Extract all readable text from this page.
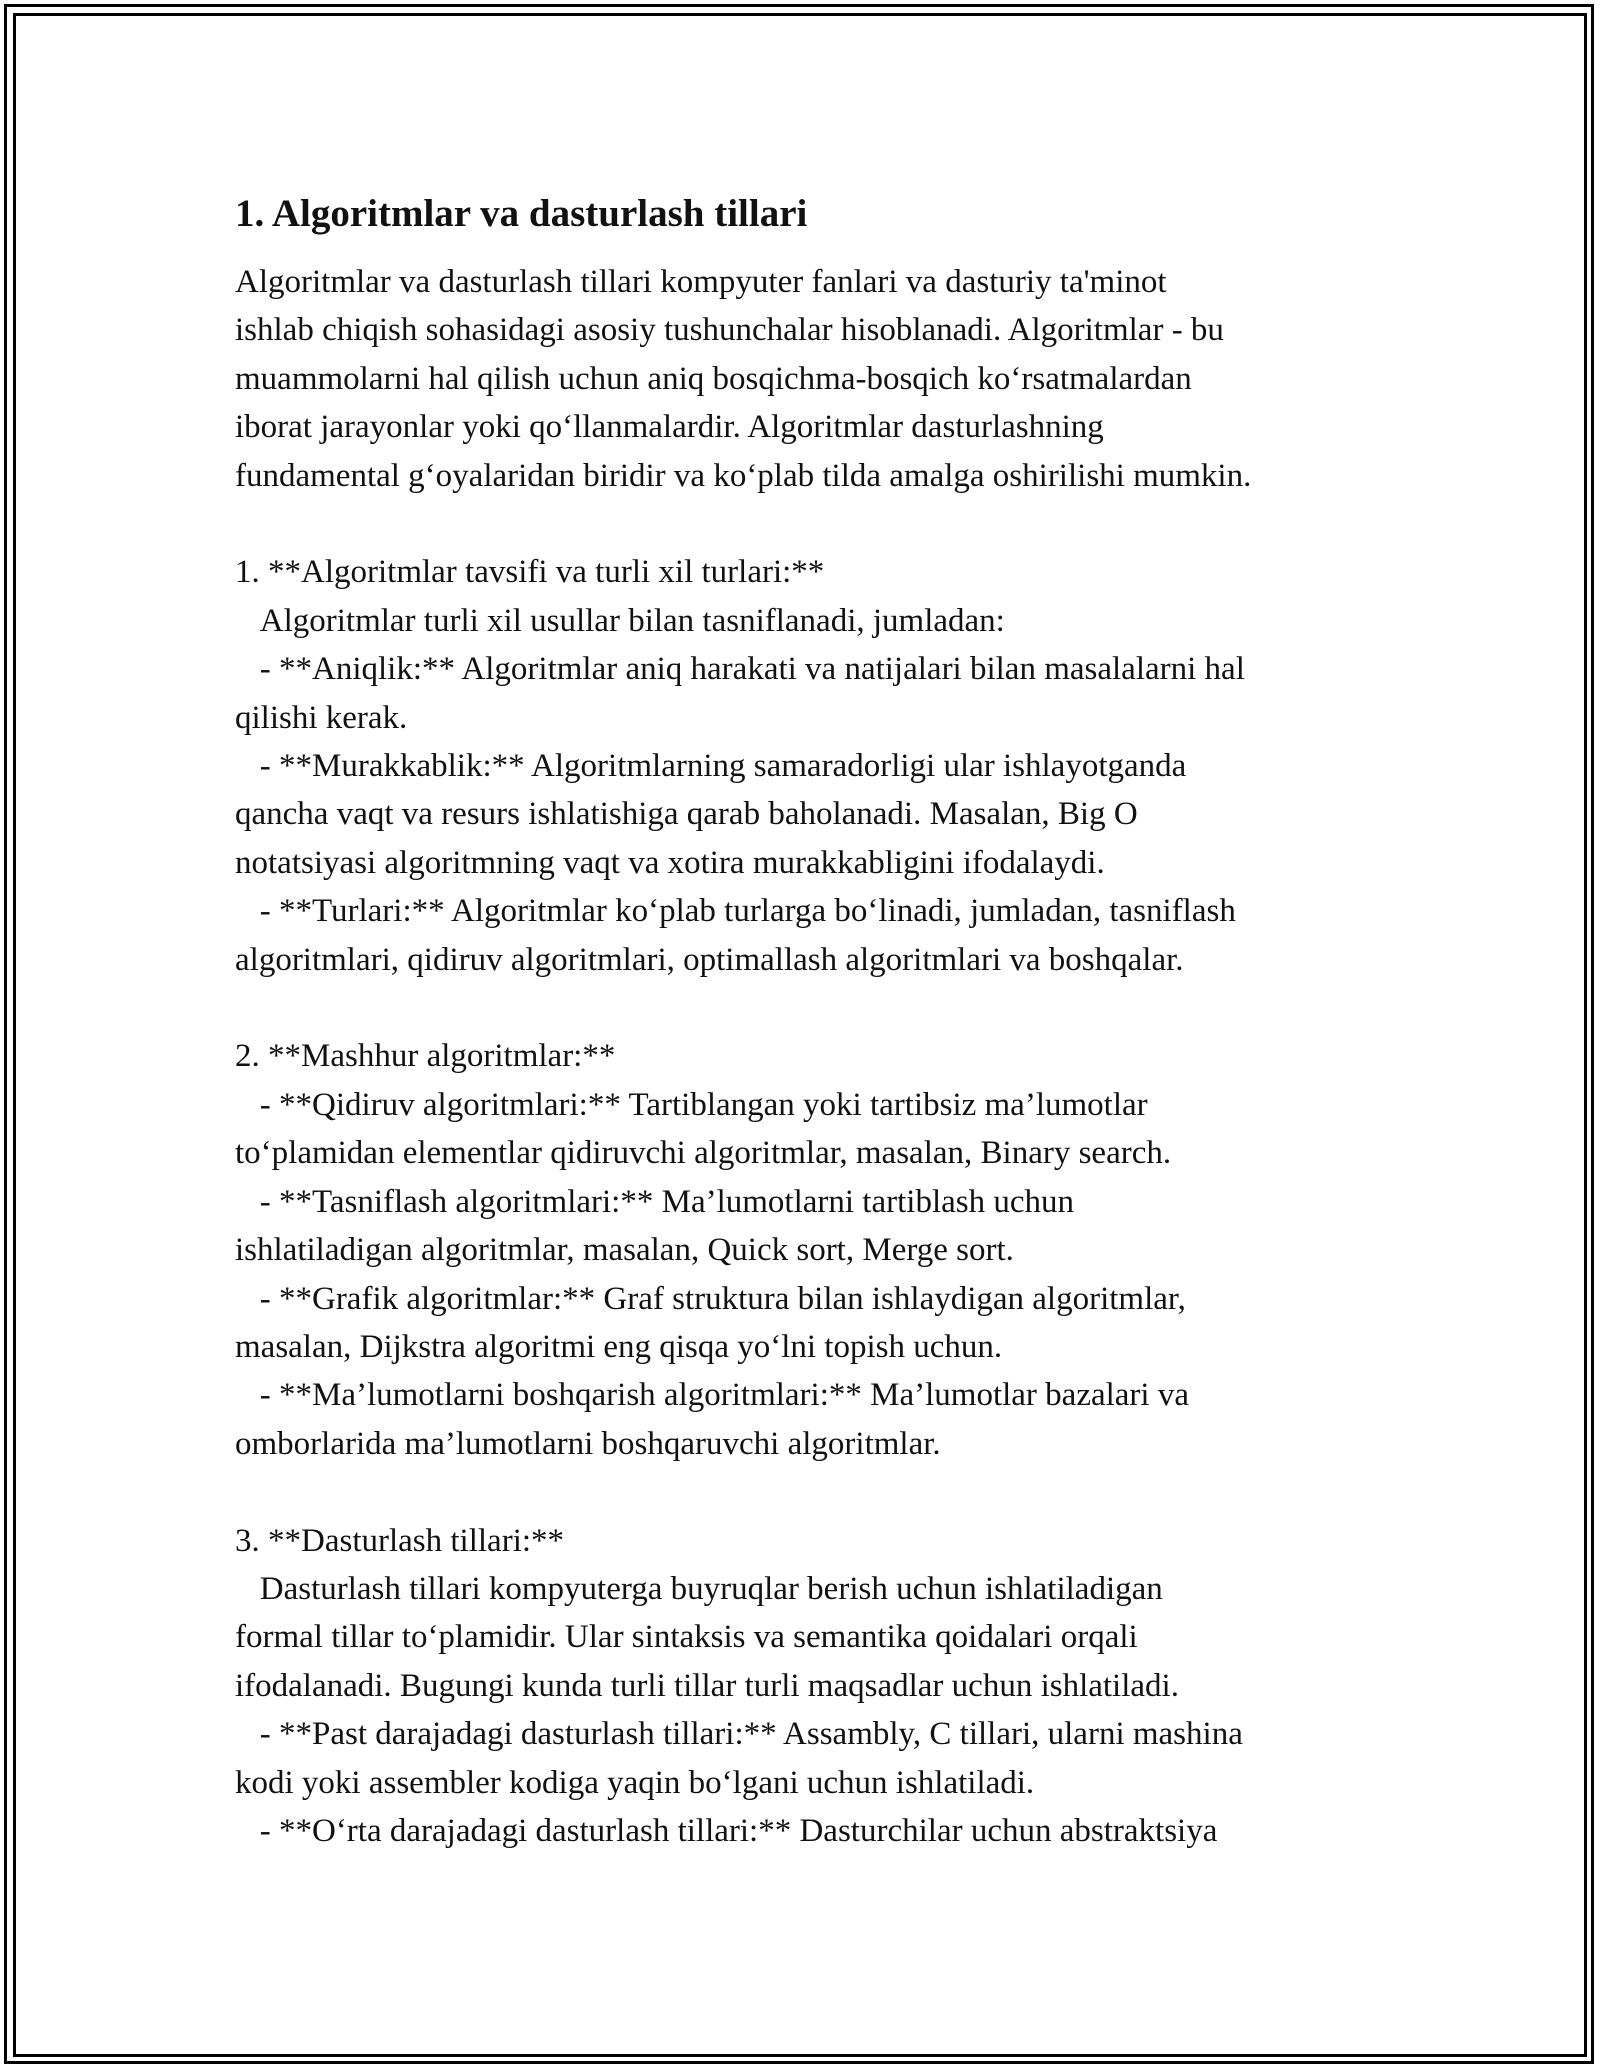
1. Algoritmlar va dasturlash tillari
Algoritmlar va dasturlash tillari kompyuter fanlari va dasturiy ta'minot
ishlab chiqish sohasidagi asosiy tushunchalar hisoblanadi. Algoritmlar - bu
muammolarni hal qilish uchun aniq bosqichma-bosqich ko‘rsatmalardan
iborat jarayonlar yoki qo‘llanmalardir. Algoritmlar dasturlashning
fundamental g‘oyalaridan biridir va ko‘plab tilda amalga oshirilishi mumkin.
1. **Algoritmlar tavsifi va turli xil turlari:**
Algoritmlar turli xil usullar bilan tasniflanadi, jumladan:
- **Aniqlik:** Algoritmlar aniq harakati va natijalari bilan masalalarni hal
qilishi kerak.
- **Murakkablik:** Algoritmlarning samaradorligi ular ishlayotganda
qancha vaqt va resurs ishlatishiga qarab baholanadi. Masalan, Big O
notatsiyasi algoritmning vaqt va xotira murakkabligini ifodalaydi.
- **Turlari:** Algoritmlar ko‘plab turlarga bo‘linadi, jumladan, tasniflash
algoritmlari, qidiruv algoritmlari, optimallash algoritmlari va boshqalar.
2. **Mashhur algoritmlar:**
- **Qidiruv algoritmlari:** Tartiblangan yoki tartibsiz ma’lumotlar
to‘plamidan elementlar qidiruvchi algoritmlar, masalan, Binary search.
- **Tasniflash algoritmlari:** Ma’lumotlarni tartiblash uchun
ishlatiladigan algoritmlar, masalan, Quick sort, Merge sort.
- **Grafik algoritmlar:** Graf struktura bilan ishlaydigan algoritmlar,
masalan, Dijkstra algoritmi eng qisqa yo‘lni topish uchun.
- **Ma’lumotlarni boshqarish algoritmlari:** Ma’lumotlar bazalari va
omborlarida ma’lumotlarni boshqaruvchi algoritmlar.
3. **Dasturlash tillari:**
Dasturlash tillari kompyuterga buyruqlar berish uchun ishlatiladigan
formal tillar to‘plamidir. Ular sintaksis va semantika qoidalari orqali
ifodalanadi. Bugungi kunda turli tillar turli maqsadlar uchun ishlatiladi.
- **Past darajadagi dasturlash tillari:** Assambly, C tillari, ularni mashina
kodi yoki assembler kodiga yaqin bo‘lgani uchun ishlatiladi.
- **O‘rta darajadagi dasturlash tillari:** Dasturchilar uchun abstraktsiya
